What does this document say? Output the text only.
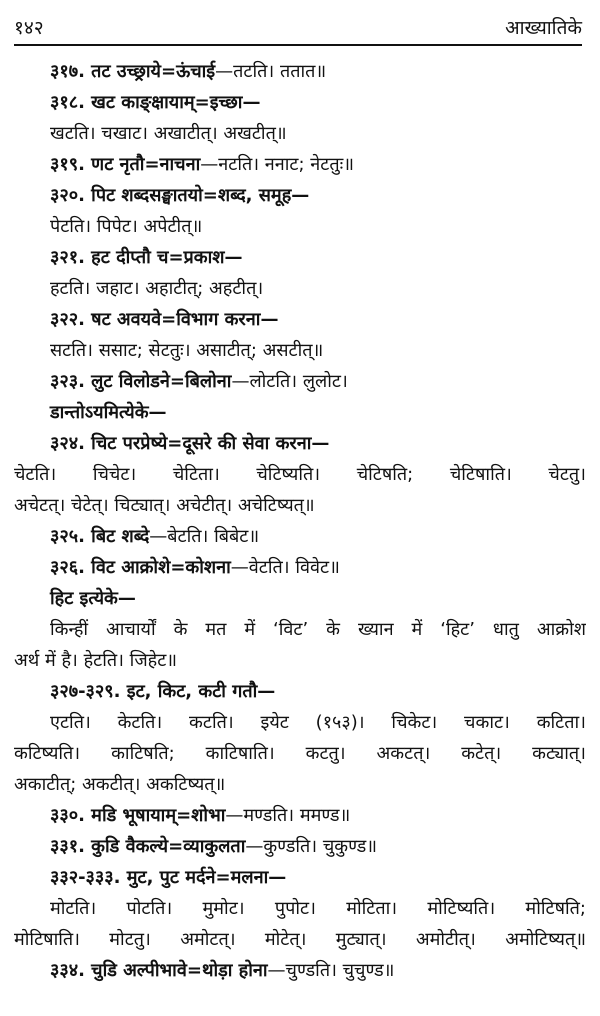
१४२	आख्यातिके
३१७. तट उच्छ्राये=ऊंचाई—तटति। ततात॥
३१८. खट काङ्क्षायाम्=इच्छा—
खटति। चखाट। अखाटीत्। अखटीत्॥
३१९. णट नृतौ=नाचना—नटति। ननाट; नेटतुः॥
३२०. पिट शब्दसङ्घातयो=शब्द, समूह—
पेटति। पिपेट। अपेटीत्॥
३२१. हट दीप्तौ च=प्रकाश—
हटति। जहाट। अहाटीत्; अहटीत्।
३२२. षट अवयवे=विभाग करना—
सटति। ससाट; सेटतुः। असाटीत्; असटीत्॥
३२३. लुट विलोडने=बिलोना—लोटति। लुलोट।
डान्तोऽयमित्येके—
३२४. चिट परप्रेष्ये=दूसरे की सेवा करना—
चेटति। चिचेट। चेटिता। चेटिष्यति। चेटिषति; चेटिषाति। चेटतु।
अचेटत्। चेटेत्। चिट्यात्। अचेटीत्। अचेटिष्यत्॥
३२५. बिट शब्दे—बेटति। बिबेट॥
३२६. विट आक्रोशे=कोशना—वेटति। विवेट॥
हिट इत्येके—
किन्हीं आचार्यों के मत में ‘विट’ के ख्यान में ‘हिट’ धातु आक्रोश
अर्थ में है। हेटति। जिहेट॥
३२७-३२९. इट, किट, कटी गतौ—
एटति। केटति। कटति। इयेट (१५३)। चिकेट। चकाट। कटिता।
कटिष्यति। काटिषति; काटिषाति। कटतु। अकटत्। कटेत्। कट्यात्।
अकाटीत्; अकटीत्। अकटिष्यत्॥
३३०. मडि भूषायाम्=शोभा—मण्डति। ममण्ड॥
३३१. कुडि वैकल्ये=व्याकुलता—कुण्डति। चुकुण्ड॥
३३२-३३३. मुट, पुट मर्दने=मलना—
मोटति। पोटति। मुमोट। पुपोट। मोटिता। मोटिष्यति। मोटिषति;
मोटिषाति। मोटतु। अमोटत्। मोटेत्। मुट्यात्। अमोटीत्। अमोटिष्यत्॥
३३४. चुडि अल्पीभावे=थोड़ा होना—चुण्डति। चुचुण्ड॥
